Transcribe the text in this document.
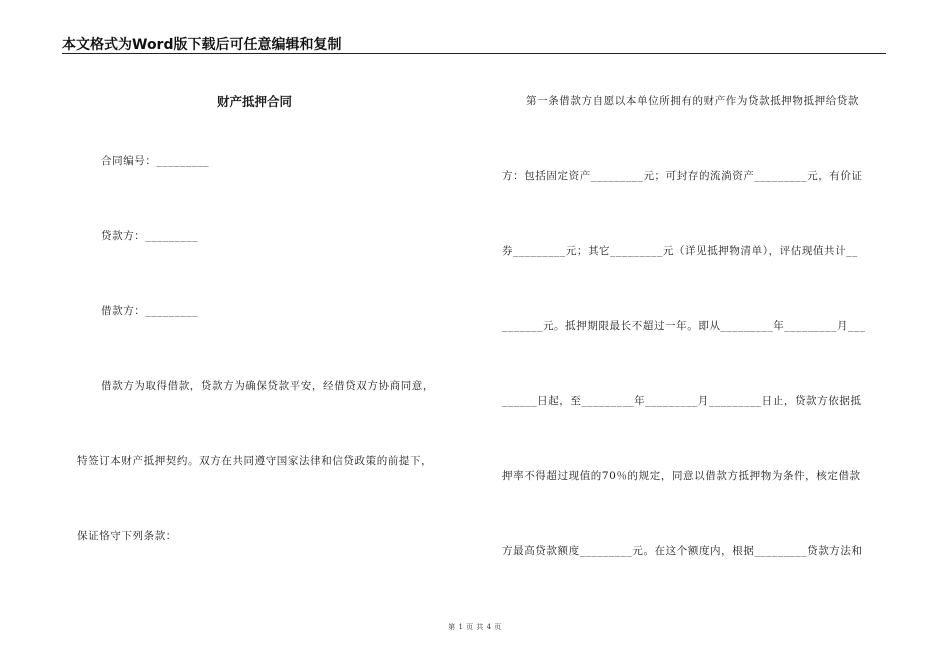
本文格式为Word版下载后可任意编辑和复制
财产抵押合同
合同编号：_________
贷款方：_________
借款方：_________
借款方为取得借款，贷款方为确保贷款平安，经借贷双方协商同意，
特签订本财产抵押契约。双方在共同遵守国家法律和信贷政策的前提下，
保证恪守下列条款：
第一条借款方自愿以本单位所拥有的财产作为贷款抵押物抵押给贷款
方：包括固定资产_________元；可封存的流淌资产_________元，有价证
券_________元；其它_________元（详见抵押物清单），评估现值共计__
_______元。抵押期限最长不超过一年。即从_________年_________月___
______日起，至_________年_________月_________日止，贷款方依据抵
押率不得超过现值的70％的规定，同意以借款方抵押物为条件，核定借款
方最高贷款额度_________元。在这个额度内，根据_________贷款方法和
第 1 页 共 4 页
